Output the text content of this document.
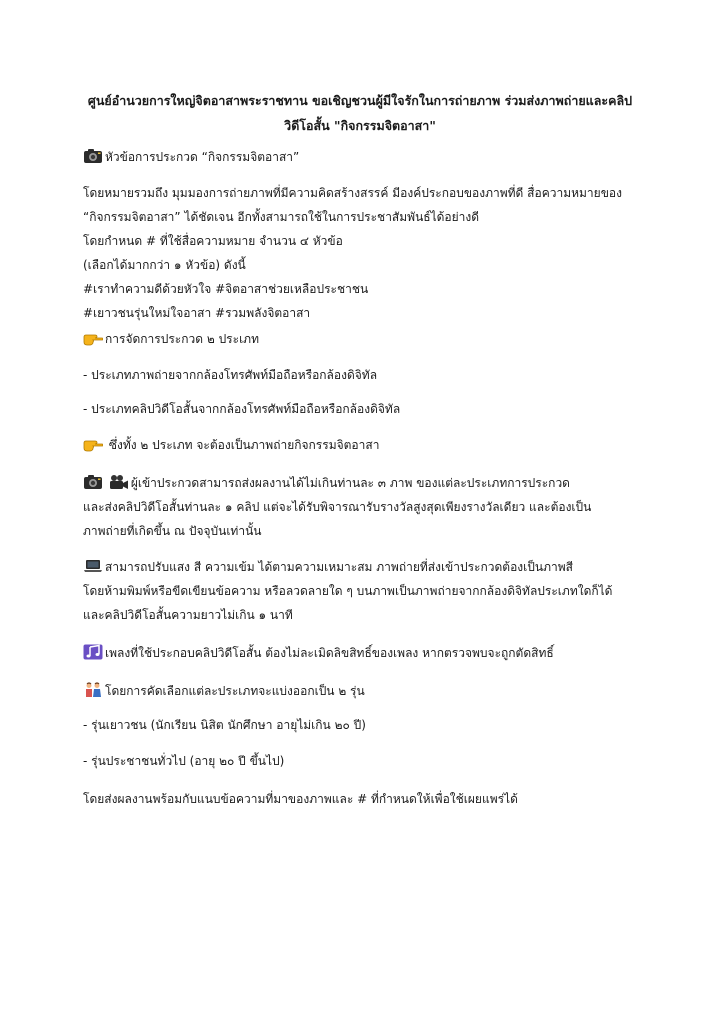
ศูนย์อำนวยการใหญ่จิตอาสาพระราชทาน ขอเชิญชวนผู้มีใจรักในการถ่ายภาพ ร่วมส่งภาพถ่ายและคลิป
วิดีโอสั้น "กิจกรรมจิตอาสา"
หัวข้อการประกวด “กิจกรรมจิตอาสา”
โดยหมายรวมถึง มุมมองการถ่ายภาพที่มีความคิดสร้างสรรค์ มีองค์ประกอบของภาพที่ดี สื่อความหมายของ
“กิจกรรมจิตอาสา” ได้ชัดเจน อีกทั้งสามารถใช้ในการประชาสัมพันธ์ได้อย่างดี
โดยกำหนด # ที่ใช้สื่อความหมาย จำนวน ๔ หัวข้อ
(เลือกได้มากกว่า ๑ หัวข้อ) ดังนี้
#เราทำความดีด้วยหัวใจ #จิตอาสาช่วยเหลือประชาชน
#เยาวชนรุ่นใหม่ใจอาสา #รวมพลังจิตอาสา
การจัดการประกวด ๒ ประเภท
- ประเภทภาพถ่ายจากกล้องโทรศัพท์มือถือหรือกล้องดิจิทัล
- ประเภทคลิปวิดีโอสั้นจากกล้องโทรศัพท์มือถือหรือกล้องดิจิทัล
ซึ่งทั้ง ๒ ประเภท จะต้องเป็นภาพถ่ายกิจกรรมจิตอาสา

ผู้เข้าประกวดสามารถส่งผลงานได้ไม่เกินท่านละ ๓ ภาพ ของแต่ละประเภทการประกวด
และส่งคลิปวิดีโอสั้นท่านละ ๑ คลิป แต่จะได้รับพิจารณารับรางวัลสูงสุดเพียงรางวัลเดียว และต้องเป็น
ภาพถ่ายที่เกิดขึ้น ณ ปัจจุบันเท่านั้น
สามารถปรับแสง สี ความเข้ม ได้ตามความเหมาะสม ภาพถ่ายที่ส่งเข้าประกวดต้องเป็นภาพสี
โดยห้ามพิมพ์หรือขีดเขียนข้อความ หรือลวดลายใด ๆ บนภาพเป็นภาพถ่ายจากกล้องดิจิทัลประเภทใดก็ได้
และคลิปวิดีโอสั้นความยาวไม่เกิน ๑ นาที
เพลงที่ใช้ประกอบคลิปวิดีโอสั้น ต้องไม่ละเมิดลิขสิทธิ์ของเพลง หากตรวจพบจะถูกตัดสิทธิ์
โดยการคัดเลือกแต่ละประเภทจะแบ่งออกเป็น ๒ รุ่น
- รุ่นเยาวชน (นักเรียน นิสิต นักศึกษา อายุไม่เกิน ๒๐ ปี)
- รุ่นประชาชนทั่วไป (อายุ ๒๐ ปี ขึ้นไป)
โดยส่งผลงานพร้อมกับแนบข้อความที่มาของภาพและ # ที่กำหนดให้เพื่อใช้เผยแพร่ได้
